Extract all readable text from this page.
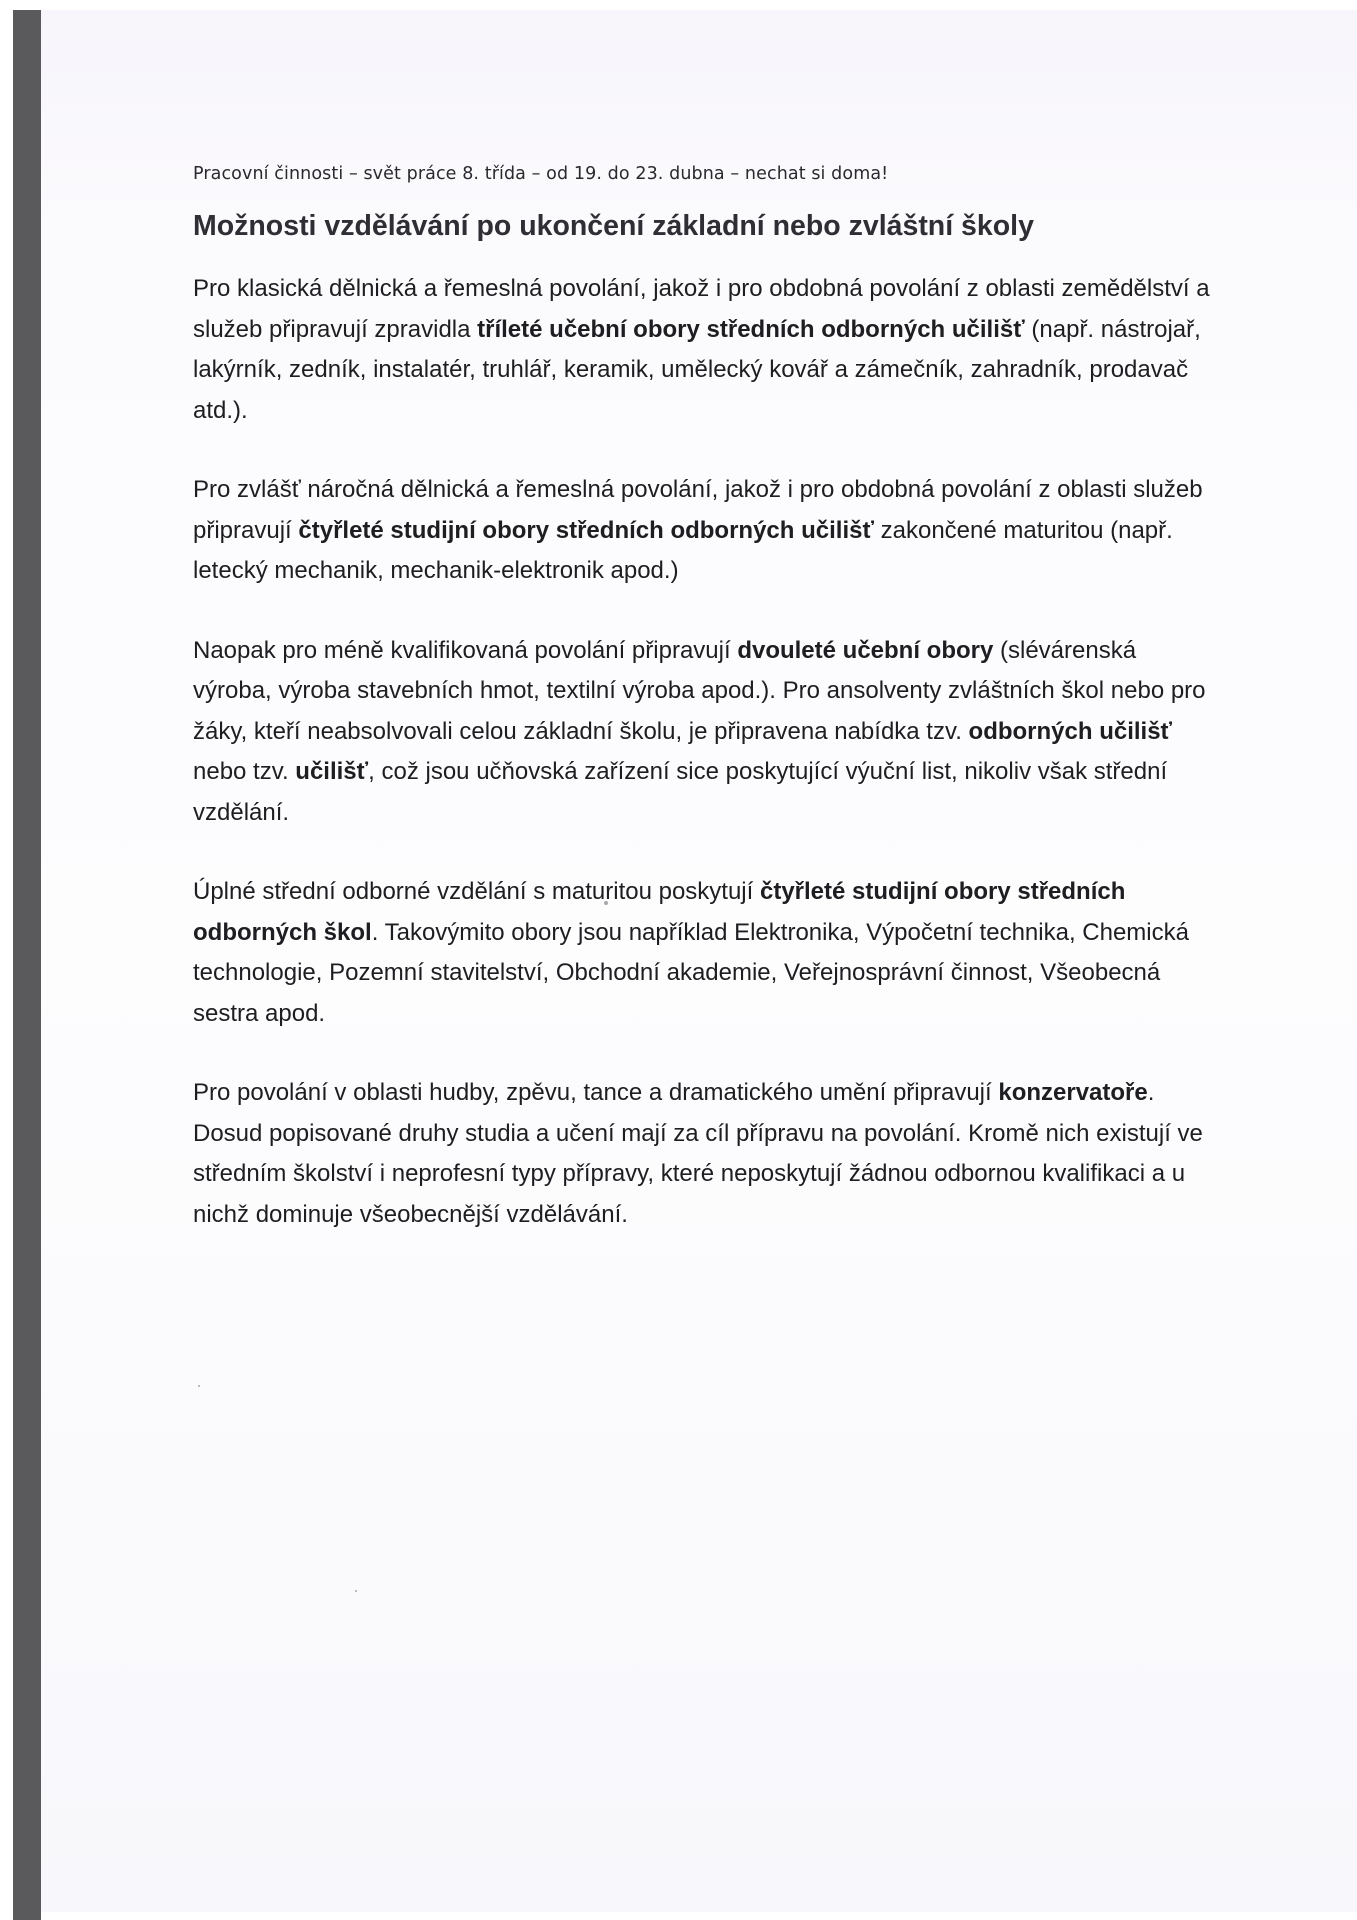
Pracovní činnosti – svět práce 8. třída – od 19. do 23. dubna – nechat si doma!
Možnosti vzdělávání po ukončení základní nebo zvláštní školy

Pro klasická dělnická a řemeslná povolání, jakož i pro obdobná povolání z oblasti zemědělství a služeb připravují zpravidla tříleté učební obory středních odborných učilišť (např. nástrojař, lakýrník, zedník, instalatér, truhlář, keramik, umělecký kovář a zámečník, zahradník, prodavač atd.).

Pro zvlášť náročná dělnická a řemeslná povolání, jakož i pro obdobná povolání z oblasti služeb připravují čtyřleté studijní obory středních odborných učilišť zakončené maturitou (např. letecký mechanik, mechanik-elektronik apod.)

Naopak pro méně kvalifikovaná povolání připravují dvouleté učební obory (slévárenská výroba, výroba stavebních hmot, textilní výroba apod.). Pro ansolventy zvláštních škol nebo pro žáky, kteří neabsolvovali celou základní školu, je připravena nabídka tzv. odborných učilišť nebo tzv. učilišť, což jsou učňovská zařízení sice poskytující výuční list, nikoliv však střední vzdělání.

Úplné střední odborné vzdělání s maturitou poskytují čtyřleté studijní obory středních odborných škol. Takovýmito obory jsou například Elektronika, Výpočetní technika, Chemická technologie, Pozemní stavitelství, Obchodní akademie, Veřejnosprávní činnost, Všeobecná sestra apod.

Pro povolání v oblasti hudby, zpěvu, tance a dramatického umění připravují konzervatoře.

Dosud popisované druhy studia a učení mají za cíl přípravu na povolání. Kromě nich existují ve středním školství i neprofesní typy přípravy, které neposkytují žádnou odbornou kvalifikaci a u nichž dominuje všeobecnější vzdělávání.
